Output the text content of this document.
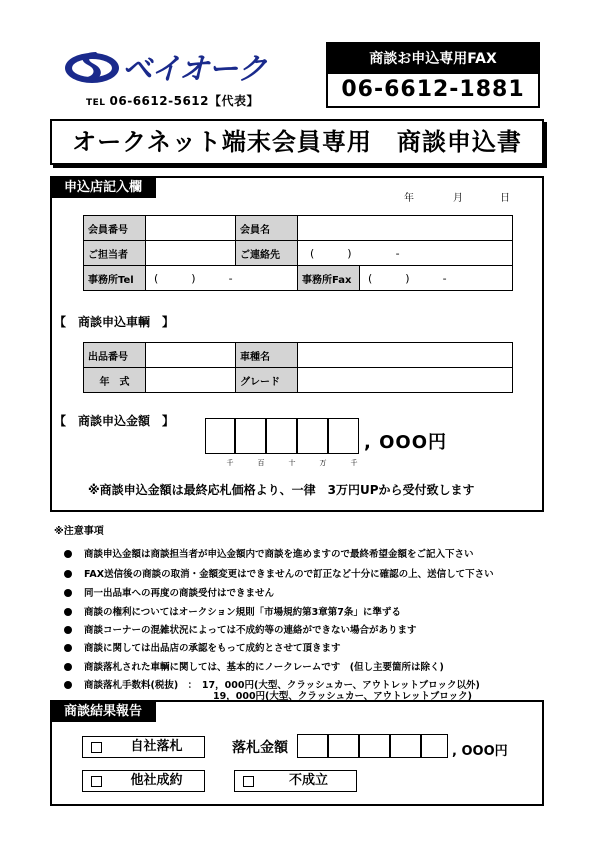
ベイオーク
TEL 06-6612-5612【代表】
商談お申込専用FAX
06-6612-1881
オークネット端末会員専用　商談申込書
申込店記入欄
年	月	日
会員番号		会員名		
ご担当者		ご連絡先	(　　　)　　　　-	
事務所Tel	(　　　)　　　-		事務所Fax	(　　　)　　　-
【　商談申込車輌　】
出品番号		車種名	
年　式		グレード	
【　商談申込金額　】
千	百	十	万	千
, OOO円
※商談申込金額は最終応札価格より、一律　3万円UPから受付致します
※注意事項
商談申込金額は商談担当者が申込金額内で商談を進めますので最終希望金額をご記入下さい
FAX送信後の商談の取消・金額変更はできませんので訂正など十分に確認の上、送信して下さい
同一出品車への再度の商談受付はできません
商談の権利についてはオークション規則「市場規約第3章第7条」に準ずる
商談コーナーの混雑状況によっては不成約等の連絡ができない場合があります
商談に関しては出品店の承認をもって成約とさせて頂きます
商談落札された車輌に関しては、基本的にノークレームです　(但し主要箇所は除く)
商談落札手数料(税抜)　：　17，000円(大型、クラッシュカー、アウトレットブロック以外)
19，000円(大型、クラッシュカー、アウトレットブロック)
商談結果報告
自社落札	落札金額	, OOO円
他社成約	不成立
